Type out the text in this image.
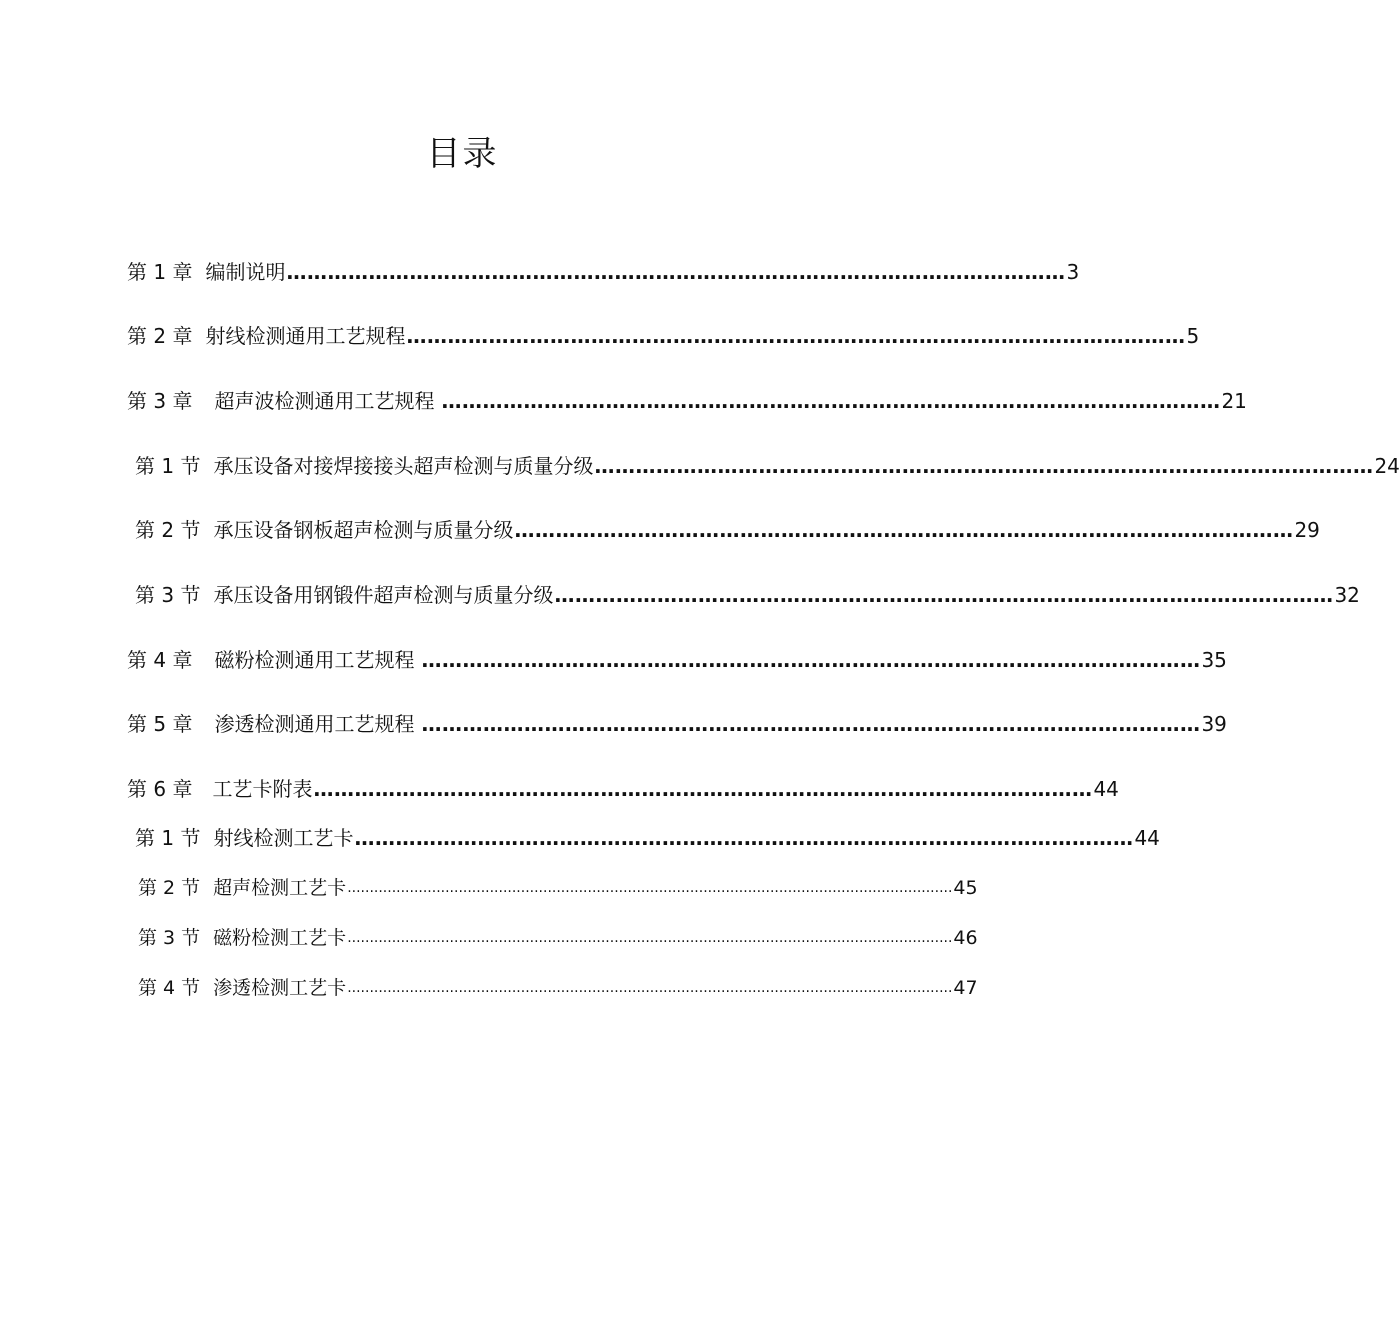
目录
第 1 章 编制说明 …………………………………………………………………………………………………… 3
第 2 章 射线检测通用工艺规程 …………………………………………………………………………………………………… 5
第 3 章 超声波检测通用工艺规程 …………………………………………………………………………………………………… 21
第 1 节 承压设备对接焊接接头超声检测与质量分级 …………………………………………………………………………………………………… 24
第 2 节 承压设备钢板超声检测与质量分级 …………………………………………………………………………………………………… 29
第 3 节 承压设备用钢锻件超声检测与质量分级 …………………………………………………………………………………………………… 32
第 4 章 磁粉检测通用工艺规程 …………………………………………………………………………………………………… 35
第 5 章 渗透检测通用工艺规程 …………………………………………………………………………………………………… 39
第 6 章 工艺卡附表 …………………………………………………………………………………………………… 44
第 1 节 射线检测工艺卡 …………………………………………………………………………………………………… 44
第 2 节 超声检测工艺卡 ........................................................................................................................................ 45
第 3 节 磁粉检测工艺卡 ........................................................................................................................................ 46
第 4 节 渗透检测工艺卡 ........................................................................................................................................ 47
